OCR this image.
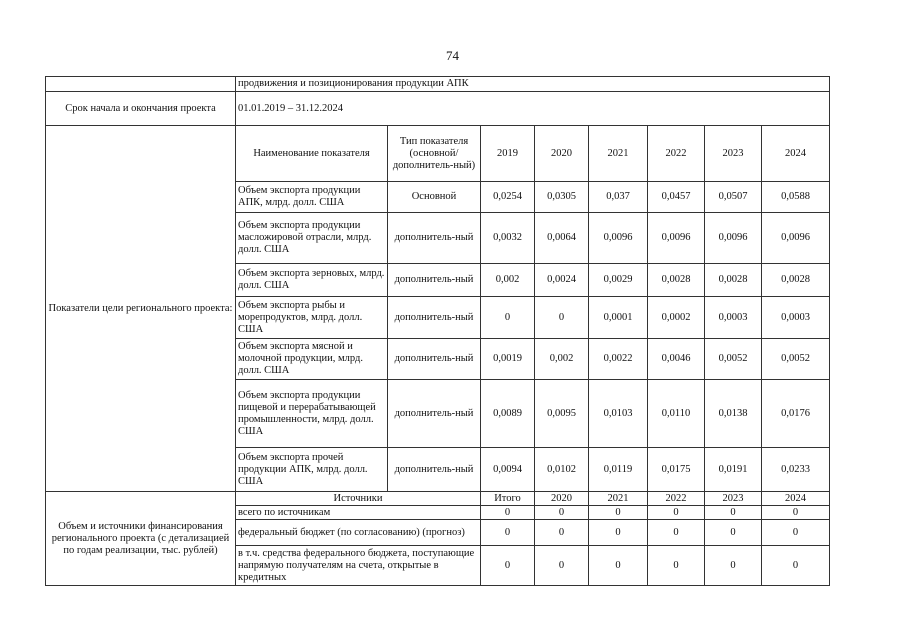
74
	продвижения и позиционирования продукции АПК							
Срок начала и окончания проекта	01.01.2019 – 31.12.2024							
Показатели цели регионального проекта:	Наименование показателя	Тип показателя (основной/ дополнитель-ный)	2019	2020	2021	2022	2023	2024
	Объем экспорта продукции АПК, млрд. долл. США	Основной	0,0254	0,0305	0,037	0,0457	0,0507	0,0588
	Объем экспорта продукции масложировой отрасли, млрд. долл. США	дополнитель-ный	0,0032	0,0064	0,0096	0,0096	0,0096	0,0096
	Объем экспорта зерновых, млрд. долл. США	дополнитель-ный	0,002	0,0024	0,0029	0,0028	0,0028	0,0028
	Объем экспорта рыбы и морепродуктов, млрд. долл. США	дополнитель-ный	0	0	0,0001	0,0002	0,0003	0,0003
	Объем экспорта мясной и молочной продукции, млрд. долл. США	дополнитель-ный	0,0019	0,002	0,0022	0,0046	0,0052	0,0052
	Объем экспорта продукции пищевой и перерабатывающей промышленности, млрд. долл. США	дополнитель-ный	0,0089	0,0095	0,0103	0,0110	0,0138	0,0176
	Объем экспорта прочей продукции АПК, млрд. долл. США	дополнитель-ный	0,0094	0,0102	0,0119	0,0175	0,0191	0,0233
Объем и источники финансирования регионального проекта (с детализацией по годам реализации, тыс. рублей)	Источники		Итого	2020	2021	2022	2023	2024
	всего по источникам		0	0	0	0	0	0
	федеральный бюджет (по согласованию) (прогноз)		0	0	0	0	0	0
	в т.ч. средства федерального бюджета, поступающие напрямую получателям на счета, открытые в кредитных		0	0	0	0	0	0
